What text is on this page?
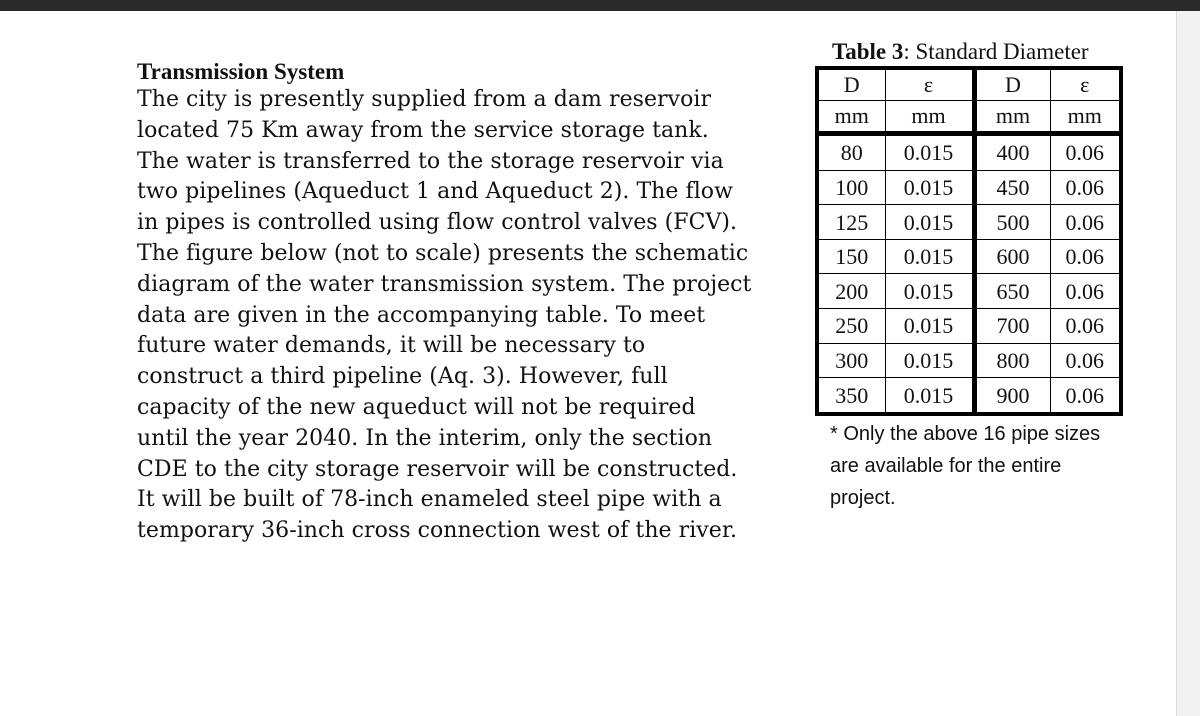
Transmission System

The city is presently supplied from a dam reservoir
located 75 Km away from the service storage tank.
The water is transferred to the storage reservoir via
two pipelines (Aqueduct 1 and Aqueduct 2). The flow
in pipes is controlled using flow control valves (FCV).
The figure below (not to scale) presents the schematic
diagram of the water transmission system. The project
data are given in the accompanying table. To meet
future water demands, it will be necessary to
construct a third pipeline (Aq. 3). However, full
capacity of the new aqueduct will not be required
until the year 2040. In the interim, only the section
CDE to the city storage reservoir will be constructed.
It will be built of 78-inch enameled steel pipe with a
temporary 36-inch cross connection west of the river.

Table 3: Standard Diameter
D	ε	D	ε
mm	mm	mm	mm
80	0.015	400	0.06
100	0.015	450	0.06
125	0.015	500	0.06
150	0.015	600	0.06
200	0.015	650	0.06
250	0.015	700	0.06
300	0.015	800	0.06
350	0.015	900	0.06
* Only the above 16 pipe sizes
are available for the entire
project.
